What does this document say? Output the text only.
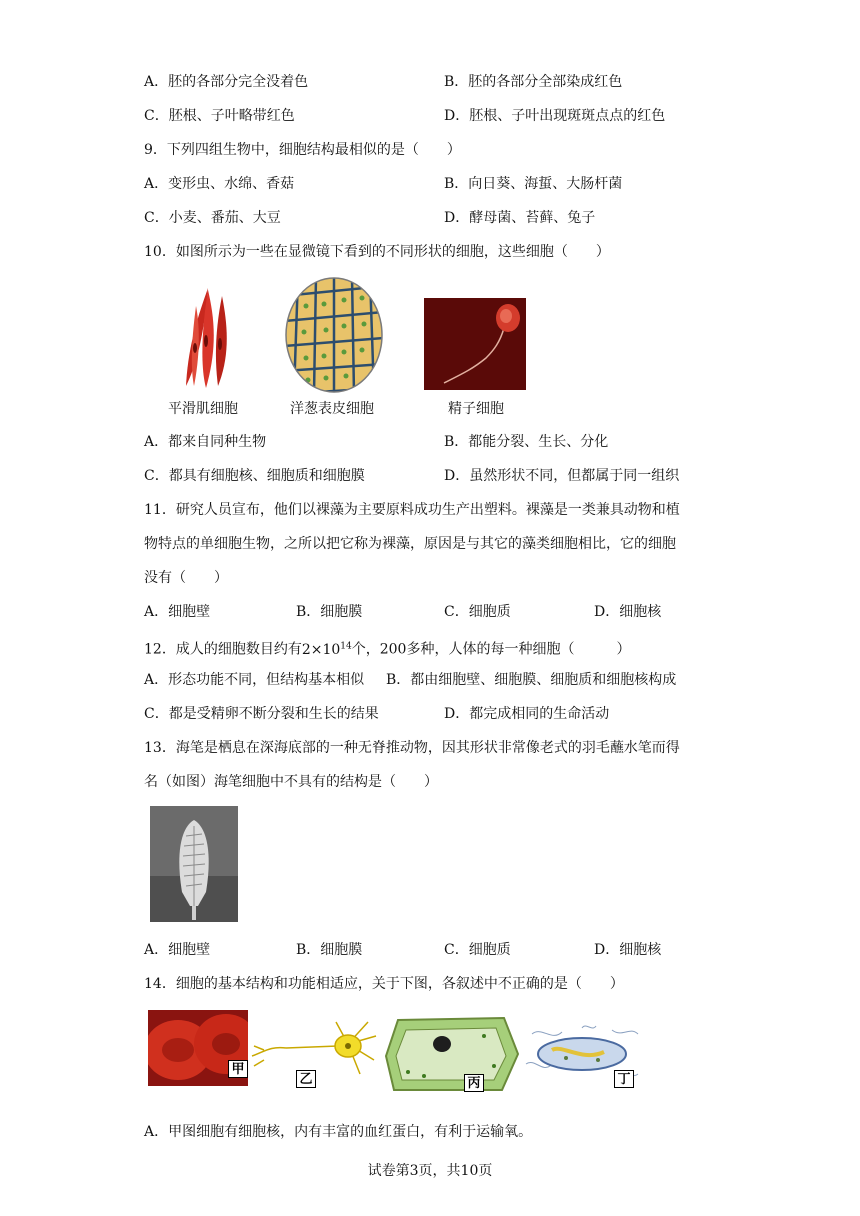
A．胚的各部分完全没着色	B．胚的各部分全部染成红色
C．胚根、子叶略带红色	D．胚根、子叶出现斑斑点点的红色
9．下列四组生物中，细胞结构最相似的是（　　）
A．变形虫、水绵、香菇	B．向日葵、海蜇、大肠杆菌
C．小麦、番茄、大豆	D．酵母菌、苔藓、兔子
10．如图所示为一些在显微镜下看到的不同形状的细胞，这些细胞（　　）
平滑肌细胞	洋葱表皮细胞	精子细胞
A．都来自同种生物	B．都能分裂、生长、分化
C．都具有细胞核、细胞质和细胞膜	D．虽然形状不同，但都属于同一组织
11．研究人员宣布，他们以裸藻为主要原料成功生产出塑料。裸藻是一类兼具动物和植
物特点的单细胞生物，之所以把它称为裸藻，原因是与其它的藻类细胞相比，它的细胞
没有（　　）
A．细胞壁	B．细胞膜	C．细胞质	D．细胞核
12．成人的细胞数目约有$2\times 10^{14}$个，200多种，人体的每一种细胞（　　　）
A．形态功能不同，但结构基本相似 B．都由细胞壁、细胞膜、细胞质和细胞核构成
C．都是受精卵不断分裂和生长的结果	D．都完成相同的生命活动
13．海笔是栖息在深海底部的一种无脊推动物，因其形状非常像老式的羽毛蘸水笔而得
名（如图）海笔细胞中不具有的结构是（　　）
A．细胞壁	B．细胞膜	C．细胞质	D．细胞核
14．细胞的基本结构和功能相适应，关于下图，各叙述中不正确的是（　　）
甲
乙	丙	丁
A．甲图细胞有细胞核，内有丰富的血红蛋白，有利于运输氧。
试卷第3页，共10页
